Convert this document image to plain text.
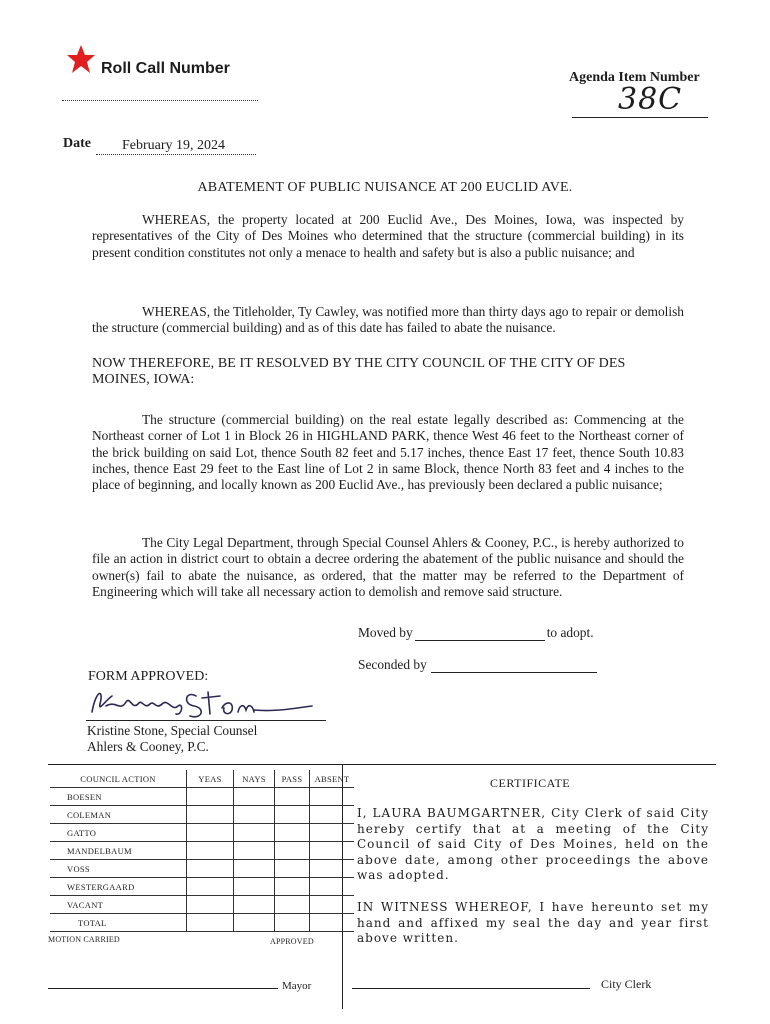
Roll Call Number
Agenda Item Number
38C
Date	February 19, 2024
ABATEMENT OF PUBLIC NUISANCE AT 200 EUCLID AVE.
WHEREAS, the property located at 200 Euclid Ave., Des Moines, Iowa, was inspected by representatives of the City of Des Moines who determined that the structure (commercial building) in its present condition constitutes not only a menace to health and safety but is also a public nuisance; and
WHEREAS, the Titleholder, Ty Cawley, was notified more than thirty days ago to repair or demolish the structure (commercial building) and as of this date has failed to abate the nuisance.
NOW THEREFORE, BE IT RESOLVED BY THE CITY COUNCIL OF THE CITY OF DES MOINES, IOWA:
The structure (commercial building) on the real estate legally described as: Commencing at the Northeast corner of Lot 1 in Block 26 in HIGHLAND PARK, thence West 46 feet to the Northeast corner of the brick building on said Lot, thence South 82 feet and 5.17 inches, thence East 17 feet, thence South 10.83 inches, thence East 29 feet to the East line of Lot 2 in same Block, thence North 83 feet and 4 inches to the place of beginning, and locally known as 200 Euclid Ave., has previously been declared a public nuisance;
The City Legal Department, through Special Counsel Ahlers & Cooney, P.C., is hereby authorized to file an action in district court to obtain a decree ordering the abatement of the public nuisance and should the owner(s) fail to abate the nuisance, as ordered, that the matter may be referred to the Department of Engineering which will take all necessary action to demolish and remove said structure.
Moved by	to adopt.
Seconded by
FORM APPROVED:
Kristine Stone, Special Counsel
Ahlers & Cooney, P.C.
COUNCIL ACTION	YEAS	NAYS	PASS	ABSENT
BOESEN				
COLEMAN				
GATTO				
MANDELBAUM				
VOSS				
WESTERGAARD				
VACANT				
TOTAL				
MOTION CARRIED	APPROVED
Mayor
CERTIFICATE
I, LAURA BAUMGARTNER, City Clerk of said City hereby certify that at a meeting of the City Council of said City of Des Moines, held on the above date, among other proceedings the above was adopted.
IN WITNESS WHEREOF, I have hereunto set my hand and affixed my seal the day and year first above written.
City Clerk
